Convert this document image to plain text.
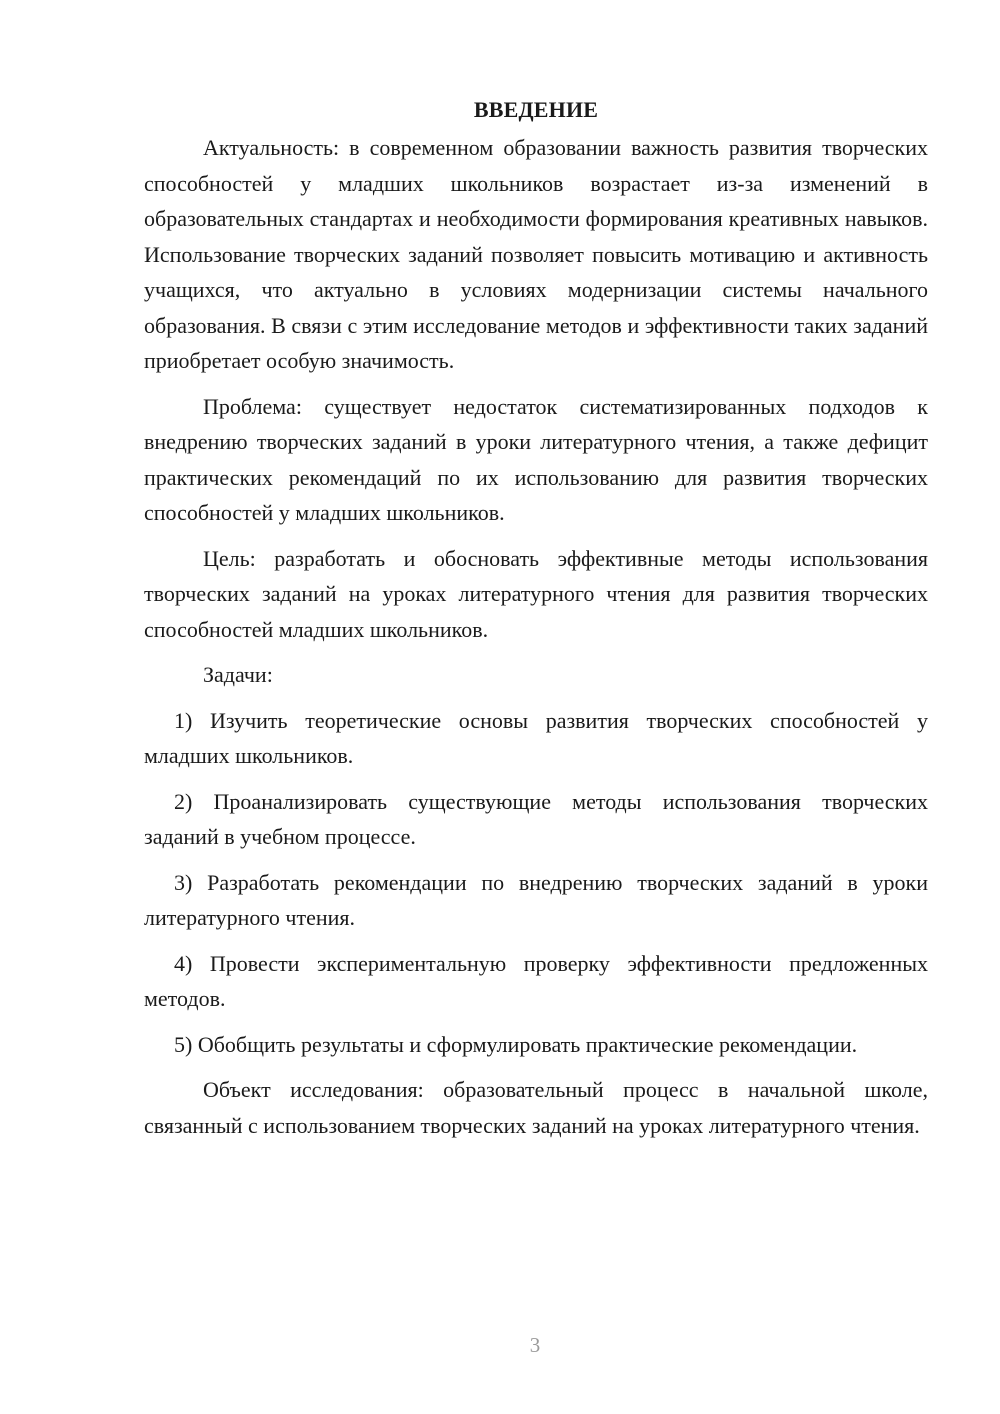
ВВЕДЕНИЕ

Актуальность: в современном образовании важность развития творческих способностей у младших школьников возрастает из-за изменений в образовательных стандартах и необходимости формирования креативных навыков. Использование творческих заданий позволяет повысить мотивацию и активность учащихся, что актуально в условиях модернизации системы начального образования. В связи с этим исследование методов и эффективности таких заданий приобретает особую значимость.

Проблема: существует недостаток систематизированных подходов к внедрению творческих заданий в уроки литературного чтения, а также дефицит практических рекомендаций по их использованию для развития творческих способностей у младших школьников.

Цель: разработать и обосновать эффективные методы использования творческих заданий на уроках литературного чтения для развития творческих способностей младших школьников.

Задачи:

1) Изучить теоретические основы развития творческих способностей у младших школьников.

2) Проанализировать существующие методы использования творческих заданий в учебном процессе.

3) Разработать рекомендации по внедрению творческих заданий в уроки литературного чтения.

4) Провести экспериментальную проверку эффективности предложенных методов.

5) Обобщить результаты и сформулировать практические рекомендации.

Объект исследования: образовательный процесс в начальной школе, связанный с использованием творческих заданий на уроках литературного чтения.

3
